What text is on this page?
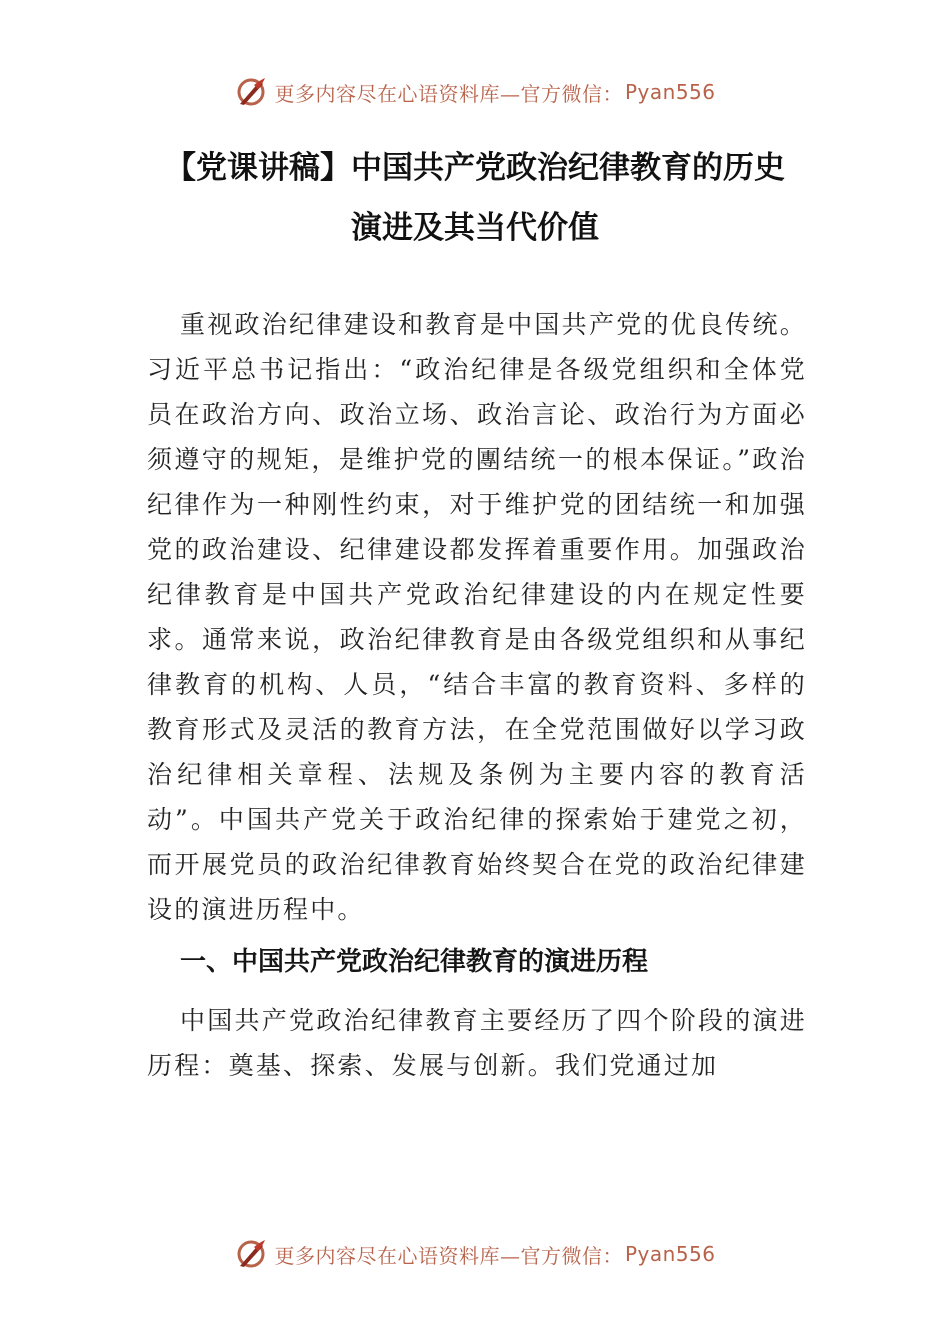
更多内容尽在心语资料库—官方微信： Pyan556
【党课讲稿】中国共产党政治纪律教育的历史
演进及其当代价值

重视政治纪律建设和教育是中国共产党的优良传统。习近平总书记指出：“政治纪律是各级党组织和全体党员在政治方向、政治立场、政治言论、政治行为方面必须遵守的规矩，是维护党的團结统一的根本保证。”政治纪律作为一种刚性约束，对于维护党的团结统一和加强党的政治建设、纪律建设都发挥着重要作用。加强政治纪律教育是中国共产党政治纪律建设的内在规定性要求。通常来说，政治纪律教育是由各级党组织和从事纪律教育的机构、人员，“结合丰富的教育资料、多样的教育形式及灵活的教育方法，在全党范围做好以学习政治纪律相关章程、法规及条例为主要内容的教育活动”。中国共产党关于政治纪律的探索始于建党之初，而开展党员的政治纪律教育始终契合在党的政治纪律建设的演进历程中。

一、中国共产党政治纪律教育的演进历程

中国共产党政治纪律教育主要经历了四个阶段的演进历程：奠基、探索、发展与创新。我们党通过加

更多内容尽在心语资料库—官方微信： Pyan556
